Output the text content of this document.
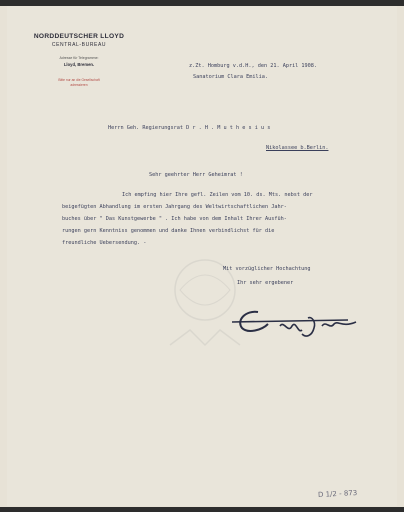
NORDDEUTSCHER LLOYD
CENTRAL-BUREAU
Adresse für Telegramme:
Lloyd, Bremen.
Bitte nur an die Gesellschaft
adressieren
z.Zt. Homburg v.d.H., den 21. April 1908.
Sanatorium Clara Emilia.
Herrn Geh. Regierungsrat D r . H . M u t h e s i u s
Nikolassee b.Berlin.
Sehr geehrter Herr Geheimrat !
Ich empfing hier Ihre gefl. Zeilen vom 10. ds. Mts. nebst der
beigefügten Abhandlung im ersten Jahrgang des Weltwirtschaftlichen Jahr-
buches über " Das Kunstgewerbe " . Ich habe von dem Inhalt Ihrer Ausfüh-
rungen gern Kenntniss genommen und danke Ihnen verbindlichst für die
freundliche Uebersendung. -
Mit vorzüglicher Hochachtung
Ihr sehr ergebener
D 1/2 - 873
